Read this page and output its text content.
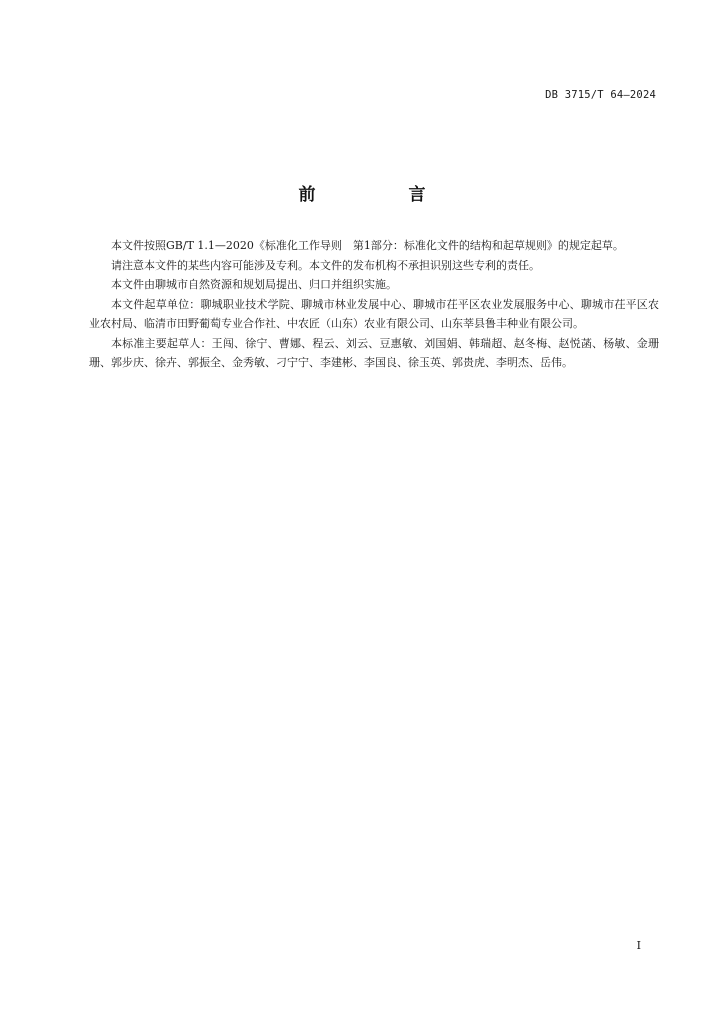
DB 3715/T 64—2024
前　言

本文件按照GB/T 1.1—2020《标准化工作导则　第1部分：标准化文件的结构和起草规则》的规定起草。

请注意本文件的某些内容可能涉及专利。本文件的发布机构不承担识别这些专利的责任。

本文件由聊城市自然资源和规划局提出、归口并组织实施。

本文件起草单位：聊城职业技术学院、聊城市林业发展中心、聊城市茌平区农业发展服务中心、聊城市茌平区农业农村局、临清市田野葡萄专业合作社、中农匠（山东）农业有限公司、山东莘县鲁丰种业有限公司。

本标准主要起草人：王闯、徐宁、曹娜、程云、刘云、豆惠敏、刘国娟、韩瑞超、赵冬梅、赵悦菡、杨敏、金珊珊、郭步庆、徐卉、郭振全、金秀敏、刁宁宁、李建彬、李国良、徐玉英、郭贵虎、李明杰、岳伟。

I
